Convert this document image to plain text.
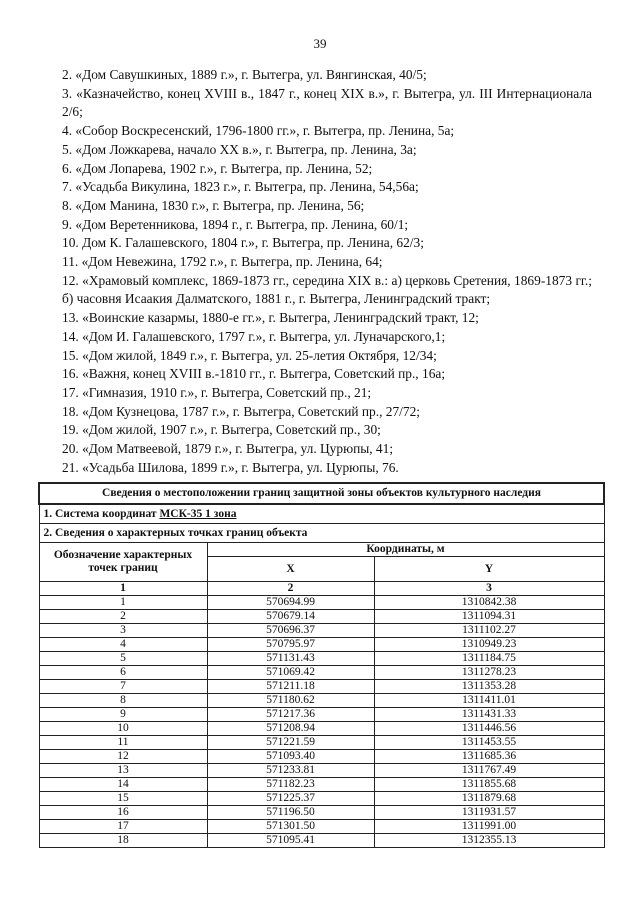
39
2. «Дом Савушкиных, 1889 г.», г. Вытегра, ул. Вянгинская, 40/5;
3. «Казначейство, конец XVIII в., 1847 г., конец XIX в.», г. Вытегра, ул. III Интернационала 2/6;
4. «Собор Воскресенский, 1796-1800 гг.», г. Вытегра, пр. Ленина, 5а;
5. «Дом Ложкарева, начало XX в.», г. Вытегра, пр. Ленина, 3а;
6. «Дом Лопарева, 1902 г.», г. Вытегра, пр. Ленина, 52;
7. «Усадьба Викулина, 1823 г.», г. Вытегра, пр. Ленина, 54,56а;
8. «Дом Манина, 1830 г.», г. Вытегра, пр. Ленина, 56;
9. «Дом Веретенникова, 1894 г., г. Вытегра, пр. Ленина, 60/1;
10. Дом К. Галашевского, 1804 г.», г. Вытегра, пр. Ленина, 62/3;
11. «Дом Невежина, 1792 г.», г. Вытегра, пр. Ленина, 64;
12. «Храмовый комплекс, 1869-1873 гг., середина XIX в.: а) церковь Сретения, 1869-1873 гг.; б) часовня Исаакия Далматского, 1881 г., г. Вытегра, Ленинградский тракт;
13. «Воинские казармы, 1880-е гг.», г. Вытегра, Ленинградский тракт, 12;
14. «Дом И. Галашевского, 1797 г.», г. Вытегра, ул. Луначарского,1;
15. «Дом жилой, 1849 г.», г. Вытегра, ул. 25-летия Октября, 12/34;
16. «Важня, конец XVIII в.-1810 гг., г. Вытегра, Советский пр., 16а;
17. «Гимназия, 1910 г.», г. Вытегра, Советский пр., 21;
18. «Дом Кузнецова, 1787 г.», г. Вытегра, Советский пр., 27/72;
19. «Дом жилой, 1907 г.», г. Вытегра, Советский пр., 30;
20. «Дом Матвеевой, 1879 г.», г. Вытегра, ул. Цурюпы, 41;
21. «Усадьба Шилова, 1899 г.», г. Вытегра, ул. Цурюпы, 76.
Сведения о местоположении границ защитной зоны объектов культурного наследия		
1. Система координат МСК-35 1 зона		
2. Сведения о характерных точках границ объекта		
Обозначение характерных точек границ	Координаты, м	
	X	Y
1	2	3
1	570694.99	1310842.38
2	570679.14	1311094.31
3	570696.37	1311102.27
4	570795.97	1310949.23
5	571131.43	1311184.75
6	571069.42	1311278.23
7	571211.18	1311353.28
8	571180.62	1311411.01
9	571217.36	1311431.33
10	571208.94	1311446.56
11	571221.59	1311453.55
12	571093.40	1311685.36
13	571233.81	1311767.49
14	571182.23	1311855.68
15	571225.37	1311879.68
16	571196.50	1311931.57
17	571301.50	1311991.00
18	571095.41	1312355.13
